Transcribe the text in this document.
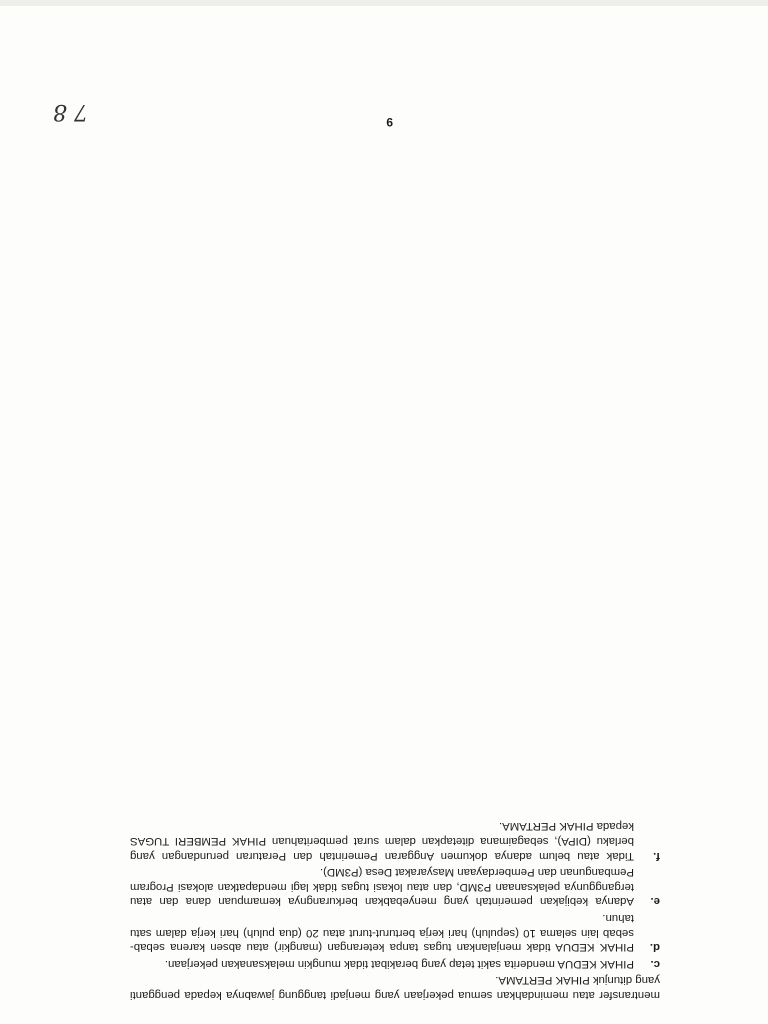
mentransfer atau memindahkan semua pekerjaan yang menjadi tanggung jawabnya kepada pengganti yang ditunjuk PIHAK PERTAMA.
c.
PIHAK KEDUA menderita sakit tetap yang berakibat tidak mungkin melaksanakan pekerjaan.
d.
PIHAK KEDUA tidak menjalankan tugas tanpa keterangan (mangkir) atau absen karena sebab-sebab lain selama 10 (sepuluh) hari kerja berturut-turut atau 20 (dua puluh) hari kerja dalam satu tahun.
e.
Adanya kebijakan pemerintah yang menyebabkan berkurangnya kemampuan dana dan atau terganggunya pelaksanaan P3MD, dan atau lokasi tugas tidak lagi mendapatkan alokasi Program Pembangunan dan Pemberdayaan Masyarakat Desa (P3MD).
f.
Tidak atau belum adanya dokumen Anggaran Pemerintah dan Peraturan perundangan yang berlaku (DIPA), sebagaimana ditetapkan dalam surat pemberitahuan PIHAK PEMBERI TUGAS kepada PIHAK PERTAMA.
9
7 8
